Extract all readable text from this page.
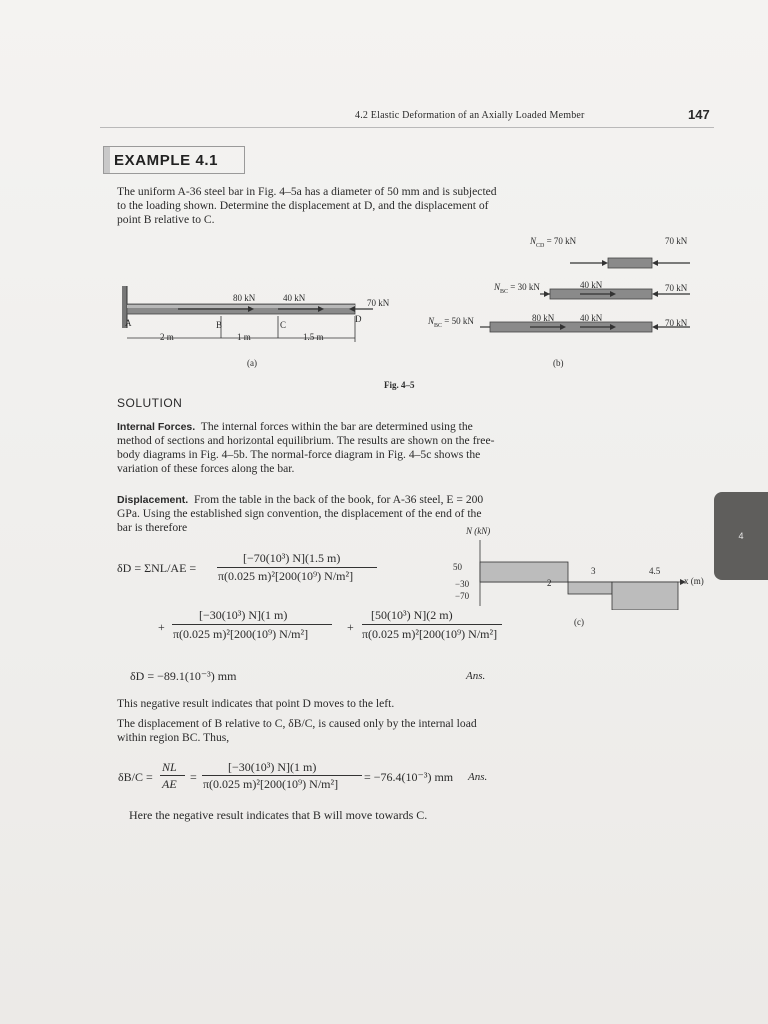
4.2 Elastic Deformation of an Axially Loaded Member	147
EXAMPLE 4.1
The uniform A-36 steel bar in Fig. 4–5a has a diameter of 50 mm and is subjected to the loading shown. Determine the displacement at D, and the displacement of point B relative to C.
A	B	C
D
80 kN	40 kN	70 kN
2 m	1 m	1.5 m
(a)
$N_{CD} = 70$ kN	70 kN
$N_{BC} = 30$ kN	40 kN	70 kN
$N_{BC} = 50$ kN	80 kN	40 kN	70 kN
(b)
Fig. 4–5
SOLUTION
Internal Forces. The internal forces within the bar are determined using the method of sections and horizontal equilibrium. The results are shown on the free-body diagrams in Fig. 4–5b. The normal-force diagram in Fig. 4–5c shows the variation of these forces along the bar.
Displacement. From the table in the back of the book, for A-36 steel, E = 200 GPa. Using the established sign convention, the displacement of the end of the bar is therefore
δD = ΣNL/AE =
[−70(10³) N](1.5 m)
π(0.025 m)²[200(10⁹) N/m²]
+
[−30(10³) N](1 m)
π(0.025 m)²[200(10⁹) N/m²]	+
[50(10³) N](2 m)
π(0.025 m)²[200(10⁹) N/m²]
δD = −89.1(10⁻³) mm	Ans.
This negative result indicates that point D moves to the left.
The displacement of B relative to C, δB/C, is caused only by the internal load within region BC. Thus,
δB/C =
NL
AE =
[−30(10³) N](1 m)
π(0.025 m)²[200(10⁹) N/m²] = −76.4(10⁻³) mm Ans.
Here the negative result indicates that B will move towards C.
N (kN)
50
−30
−70
2
3	4.5
x (m)
(c)
4
